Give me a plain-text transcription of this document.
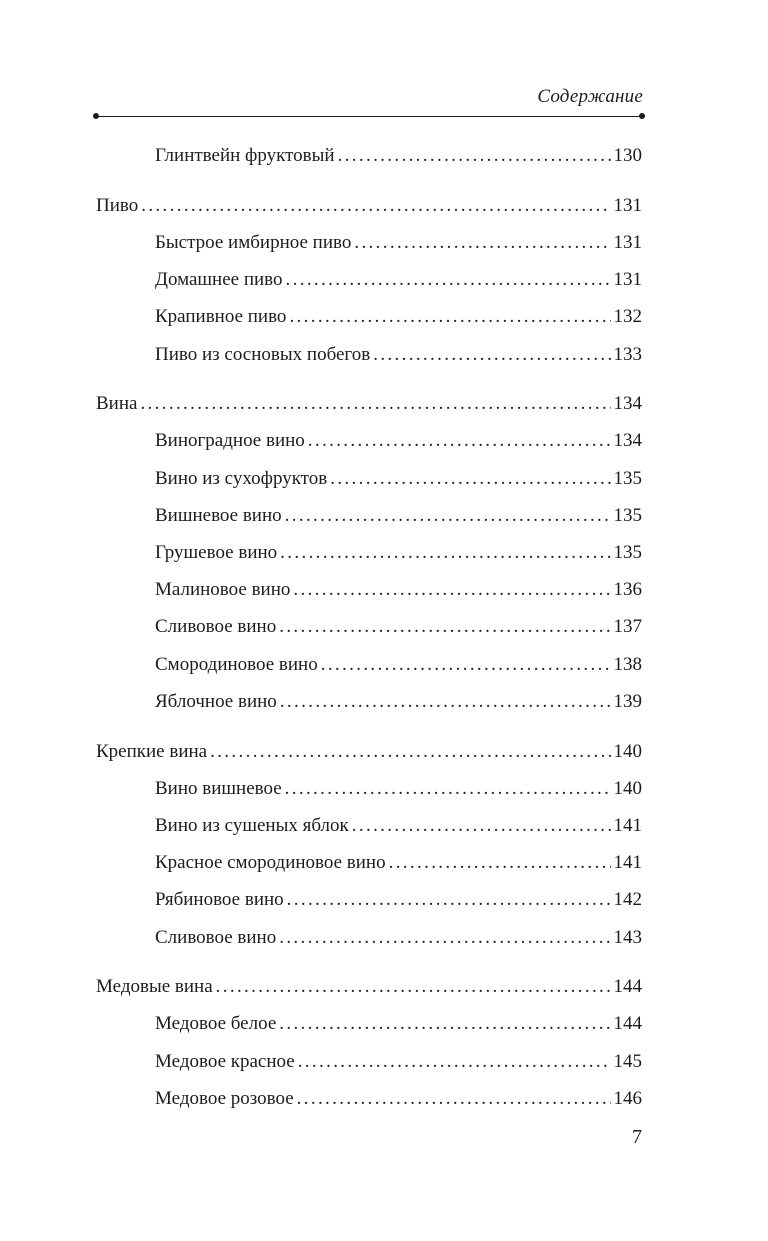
Содержание
Глинтвейн фруктовый . . .	130
Пиво . . .	131
Быстрое имбирное пиво . . .	131
Домашнее пиво . . .	131
Крапивное пиво . . .	132
Пиво из сосновых побегов . . .	133
Вина . . .	134
Виноградное вино . . .	134
Вино из сухофруктов . . .	135
Вишневое вино . . .	135
Грушевое вино . . .	135
Малиновое вино . . .	136
Сливовое вино . . .	137
Смородиновое вино . . .	138
Яблочное вино . . .	139
Крепкие вина . . .	140
Вино вишневое . . .	140
Вино из сушеных яблок . . .	141
Красное смородиновое вино . . .	141
Рябиновое вино . . .	142
Сливовое вино . . .	143
Медовые вина . . .	144
Медовое белое . . .	144
Медовое красное . . .	145
Медовое розовое . . .	146
7
